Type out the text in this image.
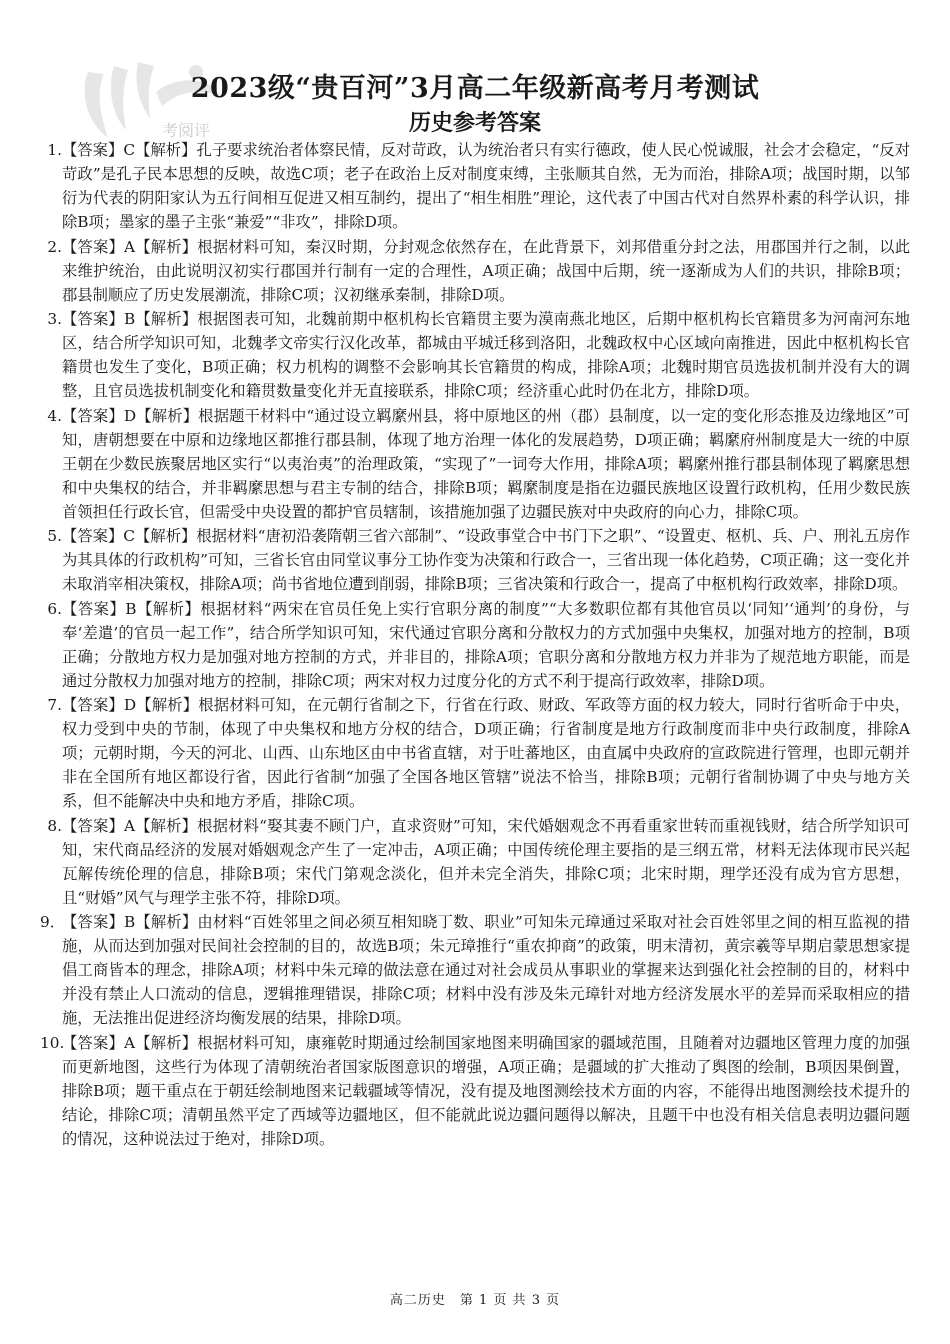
考阅评
2023级“贵百河”3月高二年级新高考月考测试
历史参考答案
1. 【答案】C【解析】孔子要求统治者体察民情，反对苛政，认为统治者只有实行德政，使人民心悦诚服，社会才会稳定，“反对苛政”是孔子民本思想的反映，故选C项；老子在政治上反对制度束缚，主张顺其自然，无为而治，排除A项；战国时期，以邹衍为代表的阴阳家认为五行间相互促进又相互制约，提出了“相生相胜”理论，这代表了中国古代对自然界朴素的科学认识，排除B项；墨家的墨子主张“兼爱”“非攻”，排除D项。
2. 【答案】A【解析】根据材料可知，秦汉时期，分封观念依然存在，在此背景下，刘邦借重分封之法，用郡国并行之制，以此来维护统治，由此说明汉初实行郡国并行制有一定的合理性，A项正确；战国中后期，统一逐渐成为人们的共识，排除B项；郡县制顺应了历史发展潮流，排除C项；汉初继承秦制，排除D项。
3. 【答案】B【解析】根据图表可知，北魏前期中枢机构长官籍贯主要为漠南燕北地区，后期中枢机构长官籍贯多为河南河东地区，结合所学知识可知，北魏孝文帝实行汉化改革，都城由平城迁移到洛阳，北魏政权中心区域向南推进，因此中枢机构长官籍贯也发生了变化，B项正确；权力机构的调整不会影响其长官籍贯的构成，排除A项；北魏时期官员选拔机制并没有大的调整，且官员选拔机制变化和籍贯数量变化并无直接联系，排除C项；经济重心此时仍在北方，排除D项。
4. 【答案】D【解析】根据题干材料中“通过设立羁縻州县，将中原地区的州（郡）县制度，以一定的变化形态推及边缘地区”可知，唐朝想要在中原和边缘地区都推行郡县制，体现了地方治理一体化的发展趋势，D项正确；羁縻府州制度是大一统的中原王朝在少数民族聚居地区实行“以夷治夷”的治理政策，“实现了”一词夸大作用，排除A项；羁縻州推行郡县制体现了羁縻思想和中央集权的结合，并非羁縻思想与君主专制的结合，排除B项；羁縻制度是指在边疆民族地区设置行政机构，任用少数民族首领担任行政长官，但需受中央设置的都护官员辖制，该措施加强了边疆民族对中央政府的向心力，排除C项。
5. 【答案】C【解析】根据材料“唐初沿袭隋朝三省六部制”、“设政事堂合中书门下之职”、“设置吏、枢机、兵、户、刑礼五房作为其具体的行政机构”可知，三省长官由同堂议事分工协作变为决策和行政合一，三省出现一体化趋势，C项正确；这一变化并未取消宰相决策权，排除A项；尚书省地位遭到削弱，排除B项；三省决策和行政合一，提高了中枢机构行政效率，排除D项。
6. 【答案】B【解析】根据材料“两宋在官员任免上实行官职分离的制度”“大多数职位都有其他官员以‘同知’‘通判’的身份，与奉‘差遣’的官员一起工作”，结合所学知识可知，宋代通过官职分离和分散权力的方式加强中央集权，加强对地方的控制，B项正确；分散地方权力是加强对地方控制的方式，并非目的，排除A项；官职分离和分散地方权力并非为了规范地方职能，而是通过分散权力加强对地方的控制，排除C项；两宋对权力过度分化的方式不利于提高行政效率，排除D项。
7. 【答案】D【解析】根据材料可知，在元朝行省制之下，行省在行政、财政、军政等方面的权力较大，同时行省听命于中央，权力受到中央的节制，体现了中央集权和地方分权的结合，D项正确；行省制度是地方行政制度而非中央行政制度，排除A项；元朝时期，今天的河北、山西、山东地区由中书省直辖，对于吐蕃地区，由直属中央政府的宣政院进行管理，也即元朝并非在全国所有地区都设行省，因此行省制“加强了全国各地区管辖”说法不恰当，排除B项；元朝行省制协调了中央与地方关系，但不能解决中央和地方矛盾，排除C项。
8. 【答案】A【解析】根据材料“娶其妻不顾门户，直求资财”可知，宋代婚姻观念不再看重家世转而重视钱财，结合所学知识可知，宋代商品经济的发展对婚姻观念产生了一定冲击，A项正确；中国传统伦理主要指的是三纲五常，材料无法体现市民兴起瓦解传统伦理的信息，排除B项；宋代门第观念淡化，但并未完全消失，排除C项；北宋时期，理学还没有成为官方思想，且“财婚”风气与理学主张不符，排除D项。
9．
【答案】B【解析】由材料“百姓邻里之间必须互相知晓丁数、职业”可知朱元璋通过采取对社会百姓邻里之间的相互监视的措施，从而达到加强对民间社会控制的目的，故选B项；朱元璋推行“重农抑商”的政策，明末清初，黄宗羲等早期启蒙思想家提倡工商皆本的理念，排除A项；材料中朱元璋的做法意在通过对社会成员从事职业的掌握来达到强化社会控制的目的，材料中并没有禁止人口流动的信息，逻辑推理错误，排除C项；材料中没有涉及朱元璋针对地方经济发展水平的差异而采取相应的措施，无法推出促进经济均衡发展的结果，排除D项。
10.
【答案】A【解析】根据材料可知，康雍乾时期通过绘制国家地图来明确国家的疆域范围，且随着对边疆地区管理力度的加强而更新地图，这些行为体现了清朝统治者国家版图意识的增强，A项正确；是疆域的扩大推动了舆图的绘制，B项因果倒置，排除B项；题干重点在于朝廷绘制地图来记载疆域等情况，没有提及地图测绘技术方面的内容，不能得出地图测绘技术提升的结论，排除C项；清朝虽然平定了西域等边疆地区，但不能就此说边疆问题得以解决，且题干中也没有相关信息表明边疆问题的情况，这种说法过于绝对，排除D项。
高二历史　第 1 页 共 3 页
